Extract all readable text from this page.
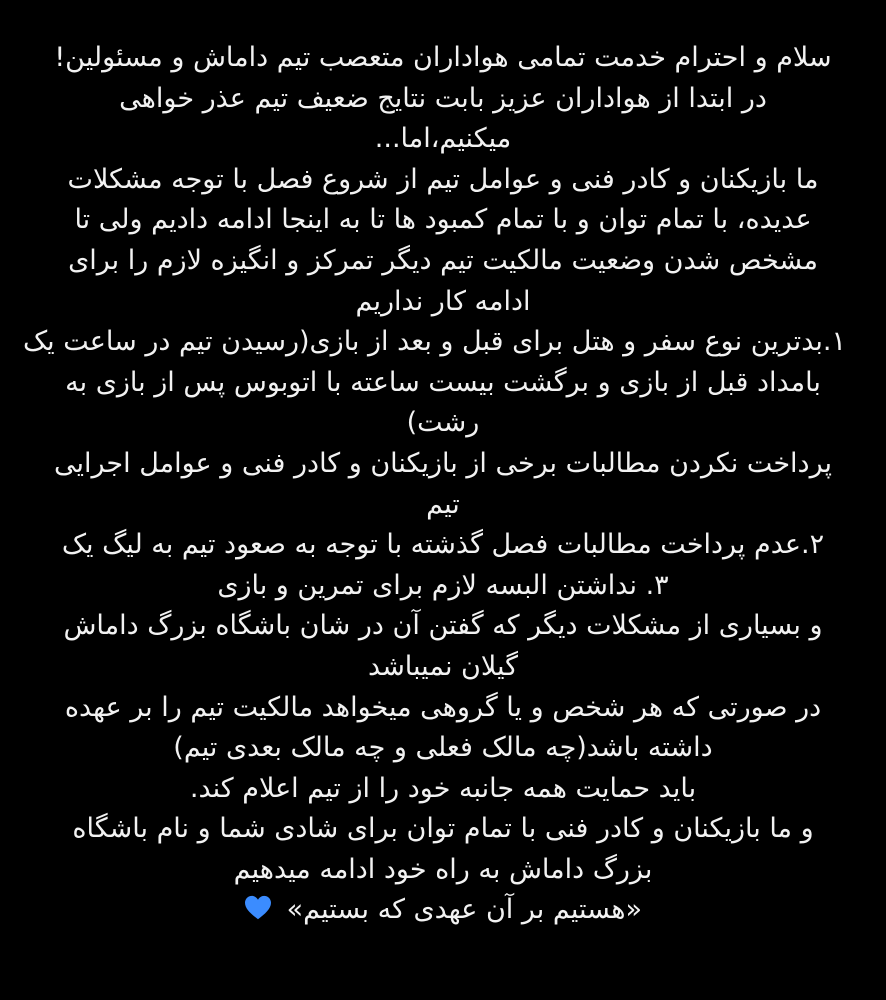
سلام و احترام خدمت تمامی هواداران متعصب تیم داماش و مسئولین!
در ابتدا از هواداران عزیز بابت نتایج ضعیف تیم عذر خواهی
میکنیم،اما...
ما بازیکنان و کادر فنی و عوامل تیم از شروع فصل با توجه مشکلات
عدیده، با تمام توان و با تمام کمبود ها تا به اینجا ادامه دادیم ولی تا
مشخص شدن وضعیت مالکیت تیم دیگر تمرکز و انگیزه لازم را برای
ادامه کار نداریم
۱.بدترین نوع سفر و هتل برای قبل و بعد از بازی(رسیدن تیم در ساعت یک
بامداد قبل از بازی و برگشت بیست ساعته با اتوبوس پس از بازی به
رشت)
پرداخت نکردن مطالبات برخی از بازیکنان و کادر فنی و عوامل اجرایی
تیم
۲.عدم پرداخت مطالبات فصل گذشته با توجه به صعود تیم به لیگ یک
۳. نداشتن البسه لازم برای تمرین و بازی
و بسیاری از مشکلات دیگر که گفتن آن در شان باشگاه بزرگ داماش
گیلان نمیباشد
در صورتی که هر شخص و یا گروهی میخواهد مالکیت تیم را بر عهده
داشته باشد(چه مالک فعلی و چه مالک بعدی تیم)
باید حمایت همه جانبه خود را از تیم اعلام کند.
و ما بازیکنان و کادر فنی با تمام توان برای شادی شما و نام باشگاه
بزرگ داماش به راه خود ادامه میدهیم
«هستیم بر آن عهدی که بستیم»
